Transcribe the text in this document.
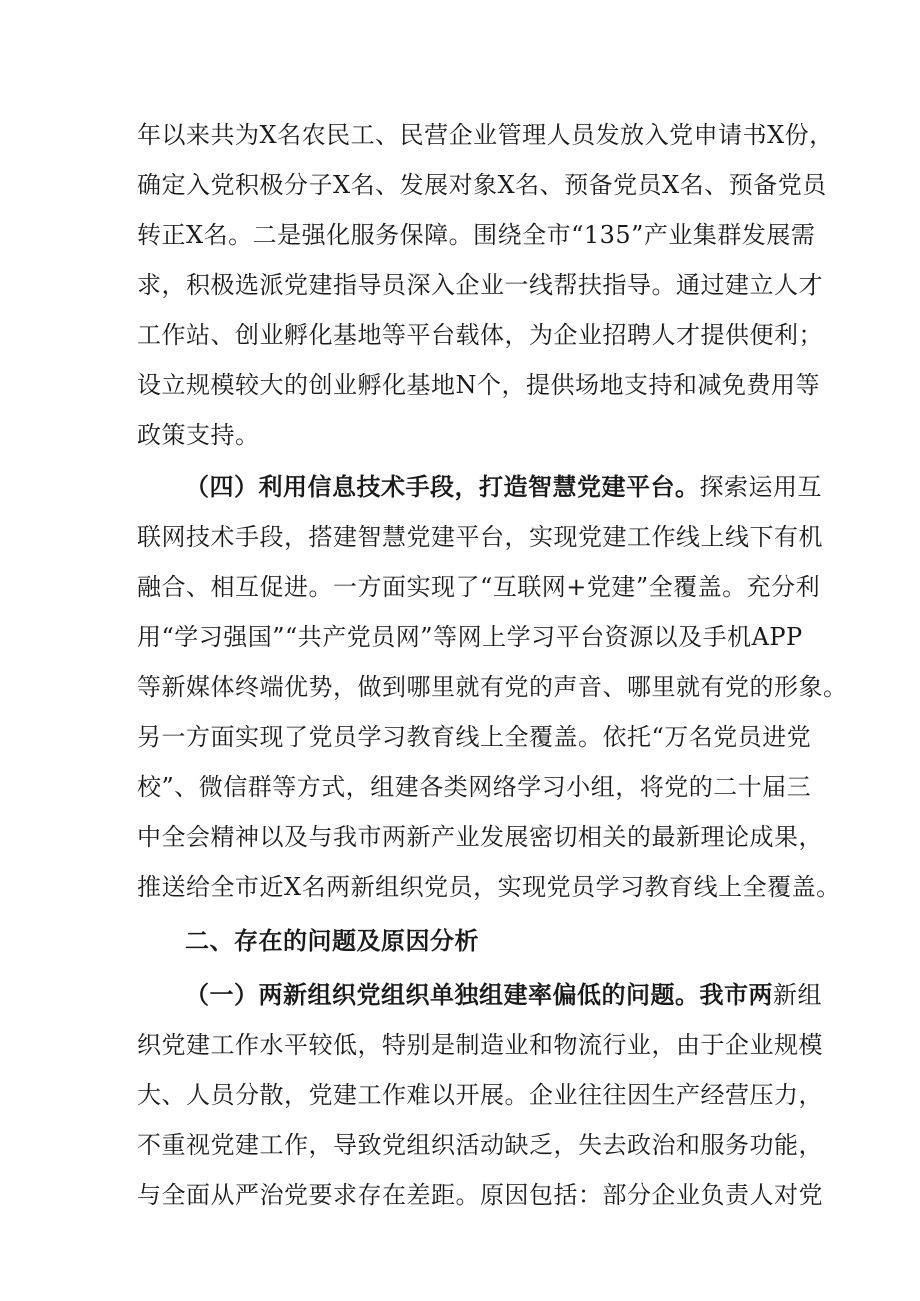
年以来共为X名农民工、民营企业管理人员发放入党申请书X份，
确定入党积极分子X名、发展对象X名、预备党员X名、预备党员
转正X名。二是强化服务保障。围绕全市“135”产业集群发展需
求，积极选派党建指导员深入企业一线帮扶指导。通过建立人才
工作站、创业孵化基地等平台载体，为企业招聘人才提供便利；
设立规模较大的创业孵化基地N个，提供场地支持和减免费用等
政策支持。
（四）利用信息技术手段，打造智慧党建平台。探索运用互
联网技术手段，搭建智慧党建平台，实现党建工作线上线下有机
融合、相互促进。一方面实现了“互联网+党建”全覆盖。充分利
用“学习强国”“共产党员网”等网上学习平台资源以及手机APP
等新媒体终端优势，做到哪里就有党的声音、哪里就有党的形象。
另一方面实现了党员学习教育线上全覆盖。依托“万名党员进党
校”、微信群等方式，组建各类网络学习小组，将党的二十届三
中全会精神以及与我市两新产业发展密切相关的最新理论成果，
推送给全市近X名两新组织党员，实现党员学习教育线上全覆盖。
二、存在的问题及原因分析
（一）两新组织党组织单独组建率偏低的问题。我市两新组
织党建工作水平较低，特别是制造业和物流行业，由于企业规模
大、人员分散，党建工作难以开展。企业往往因生产经营压力，
不重视党建工作，导致党组织活动缺乏，失去政治和服务功能，
与全面从严治党要求存在差距。原因包括：部分企业负责人对党
